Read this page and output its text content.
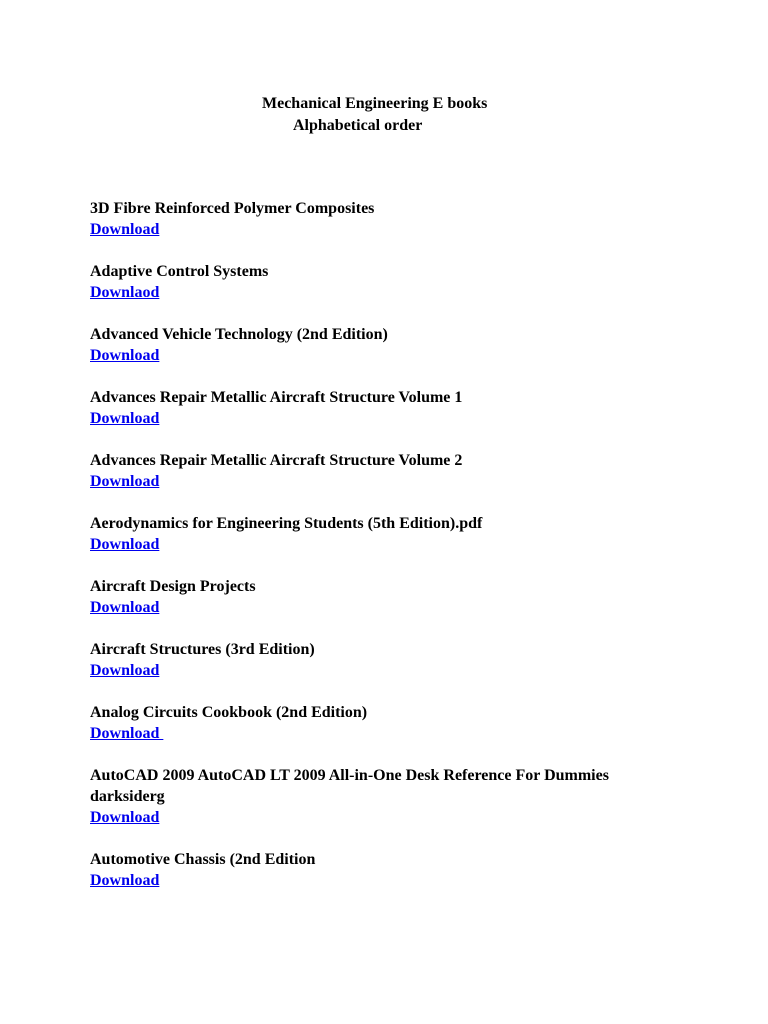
Mechanical Engineering E books
Alphabetical order
3D Fibre Reinforced Polymer Composites
Download
Adaptive Control Systems
Downlaod
Advanced Vehicle Technology (2nd Edition)
Download
Advances Repair Metallic Aircraft Structure Volume 1
Download
Advances Repair Metallic Aircraft Structure Volume 2
Download
Aerodynamics for Engineering Students (5th Edition).pdf
Download
Aircraft Design Projects
Download
Aircraft Structures (3rd Edition)
Download
Analog Circuits Cookbook (2nd Edition)
Download
AutoCAD 2009 AutoCAD LT 2009 All-in-One Desk Reference For Dummies
darksiderg
Download
Automotive Chassis (2nd Edition
Download
